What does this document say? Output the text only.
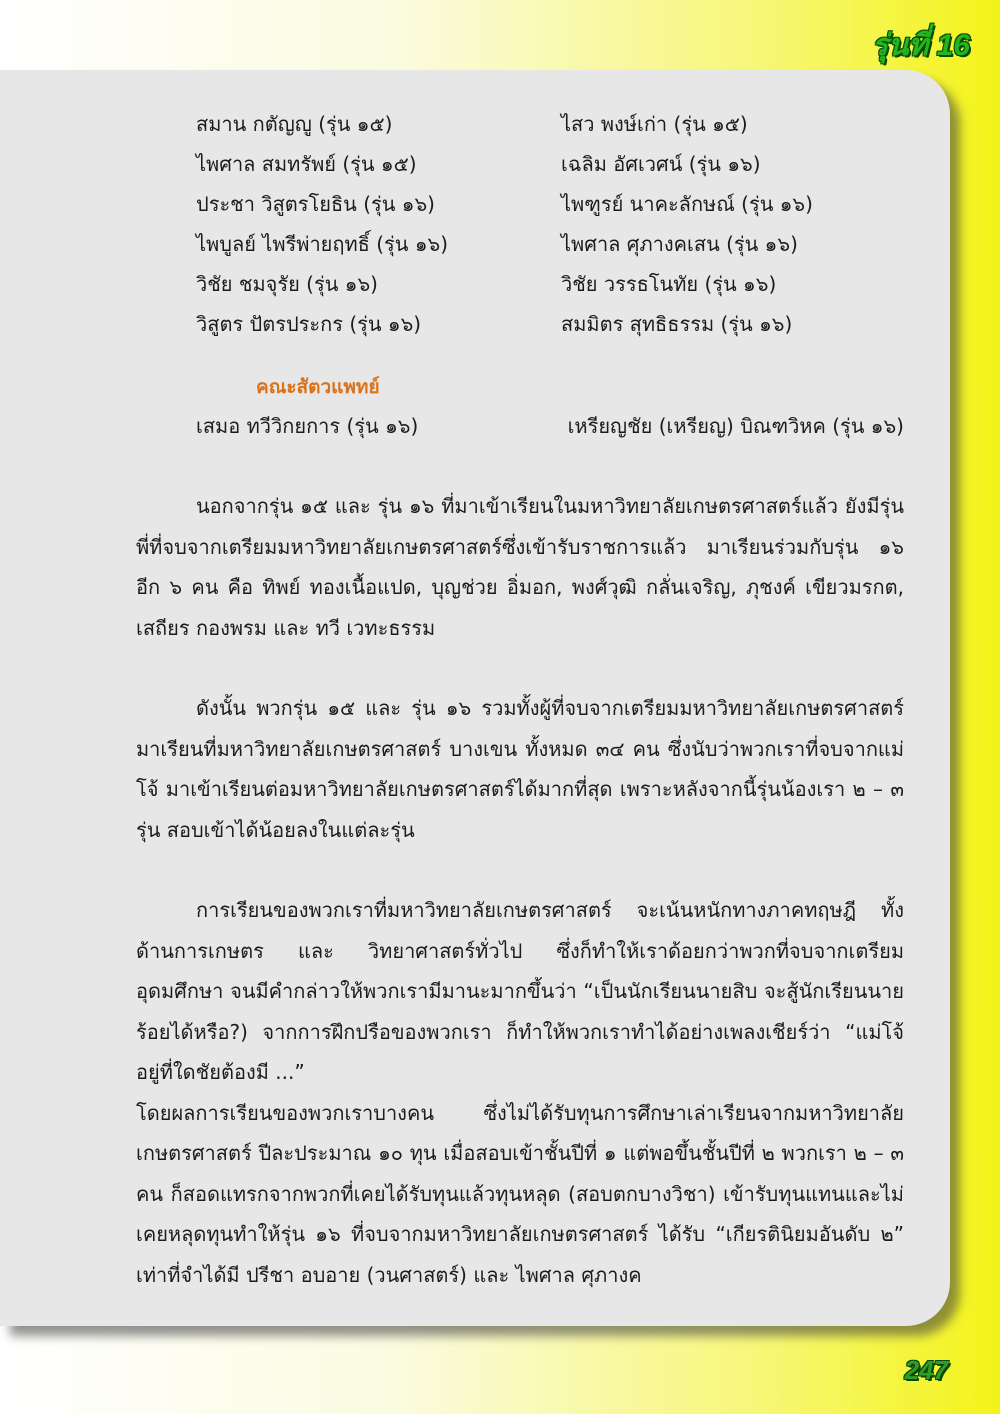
รุ่นที่ 16
สมาน กตัญญู (รุ่น ๑๕)
ไพศาล สมทรัพย์ (รุ่น ๑๕)
ประชา วิสูตรโยธิน (รุ่น ๑๖)
ไพบูลย์ ไพรีพ่ายฤทธิ์ (รุ่น ๑๖)
วิชัย ชมจุรัย (รุ่น ๑๖)
วิสูตร ปัตรประกร (รุ่น ๑๖)
ไสว พงษ์เก่า (รุ่น ๑๕)
เฉลิม อัศเวศน์ (รุ่น ๑๖)
ไพฑูรย์ นาคะลักษณ์ (รุ่น ๑๖)
ไพศาล ศุภางคเสน (รุ่น ๑๖)
วิชัย วรรธโนทัย (รุ่น ๑๖)
สมมิตร สุทธิธรรม (รุ่น ๑๖)
คณะสัตวแพทย์
เสมอ ทวีวิกยการ (รุ่น ๑๖)	เหรียญชัย (เหรียญ) บิณฑวิหค (รุ่น ๑๖)

นอกจากรุ่น ๑๕ และ รุ่น ๑๖ ที่มาเข้าเรียนในมหาวิทยาลัยเกษตรศาสตร์แล้ว ยังมีรุ่นพี่ที่จบจากเตรียมมหาวิทยาลัยเกษตรศาสตร์ซึ่งเข้ารับราชการแล้ว มาเรียนร่วมกับรุ่น ๑๖ อีก ๖ คน คือ ทิพย์ ทองเนื้อแปด, บุญช่วย อิ่มอก, พงศ์วุฒิ กลั่นเจริญ, ภุชงค์ เขียวมรกต, เสถียร กองพรม และ ทวี เวทะธรรม

ดังนั้น พวกรุ่น ๑๕ และ รุ่น ๑๖ รวมทั้งผู้ที่จบจากเตรียมมหาวิทยาลัยเกษตรศาสตร์มาเรียนที่มหาวิทยาลัยเกษตรศาสตร์ บางเขน ทั้งหมด ๓๔ คน ซึ่งนับว่าพวกเราที่จบจากแม่โจ้ มาเข้าเรียนต่อมหาวิทยาลัยเกษตรศาสตร์ได้มากที่สุด เพราะหลังจากนี้รุ่นน้องเรา ๒ – ๓ รุ่น สอบเข้าได้น้อยลงในแต่ละรุ่น

การเรียนของพวกเราที่มหาวิทยาลัยเกษตรศาสตร์ จะเน้นหนักทางภาคทฤษฎี ทั้งด้านการเกษตร และ วิทยาศาสตร์ทั่วไป ซึ่งก็ทำให้เราด้อยกว่าพวกที่จบจากเตรียมอุดมศึกษา จนมีคำกล่าวให้พวกเรามีมานะมากขึ้นว่า “เป็นนักเรียนนายสิบ จะสู้นักเรียนนายร้อยได้หรือ?) จากการฝึกปรือของพวกเรา ก็ทำให้พวกเราทำได้อย่างเพลงเชียร์ว่า “แม่โจ้ อยู่ที่ใดชัยต้องมี ...”

โดยผลการเรียนของพวกเราบางคน ซึ่งไม่ได้รับทุนการศึกษาเล่าเรียนจากมหาวิทยาลัยเกษตรศาสตร์ ปีละประมาณ ๑๐ ทุน เมื่อสอบเข้าชั้นปีที่ ๑ แต่พอขึ้นชั้นปีที่ ๒ พวกเรา ๒ – ๓ คน ก็สอดแทรกจากพวกที่เคยได้รับทุนแล้วทุนหลุด (สอบตกบางวิชา) เข้ารับทุนแทนและไม่เคยหลุดทุนทำให้รุ่น ๑๖ ที่จบจากมหาวิทยาลัยเกษตรศาสตร์ ได้รับ “เกียรตินิยมอันดับ ๒” เท่าที่จำได้มี ปรีชา อบอาย (วนศาสตร์) และ ไพศาล ศุภางค

247
